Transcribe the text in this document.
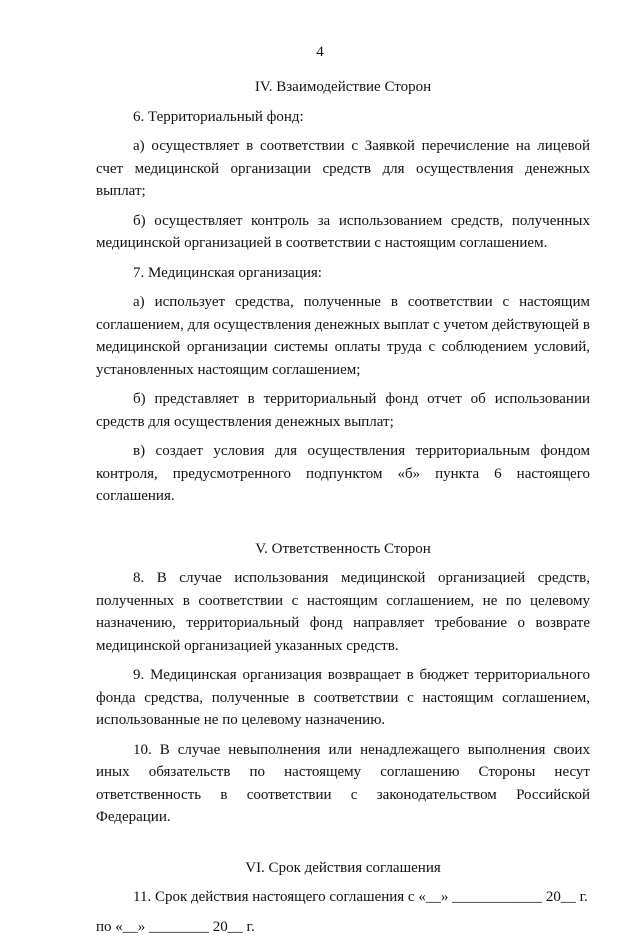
4

IV. Взаимодействие Сторон

6. Территориальный фонд:

а) осуществляет в соответствии с Заявкой перечисление на лицевой счет медицинской организации средств для осуществления денежных выплат;

б) осуществляет контроль за использованием средств, полученных медицинской организацией в соответствии с настоящим соглашением.

7. Медицинская организация:

а) использует средства, полученные в соответствии с настоящим соглашением, для осуществления денежных выплат с учетом действующей в медицинской организации системы оплаты труда с соблюдением условий, установленных настоящим соглашением;

б) представляет в территориальный фонд отчет об использовании средств для осуществления денежных выплат;

в) создает условия для осуществления территориальным фондом контроля, предусмотренного подпунктом «б» пункта 6 настоящего соглашения.

V. Ответственность Сторон

8. В случае использования медицинской организацией средств, полученных в соответствии с настоящим соглашением, не по целевому назначению, территориальный фонд направляет требование о возврате медицинской организацией указанных средств.

9. Медицинская организация возвращает в бюджет территориального фонда средства, полученные в соответствии с настоящим соглашением, использованные не по целевому назначению.

10. В случае невыполнения или ненадлежащего выполнения своих иных обязательств по настоящему соглашению Стороны несут ответственность в соответствии с законодательством Российской Федерации.

VI. Срок действия соглашения

11. Срок действия настоящего соглашения с «__» ____________ 20__ г.

по «__» ________ 20__ г.
